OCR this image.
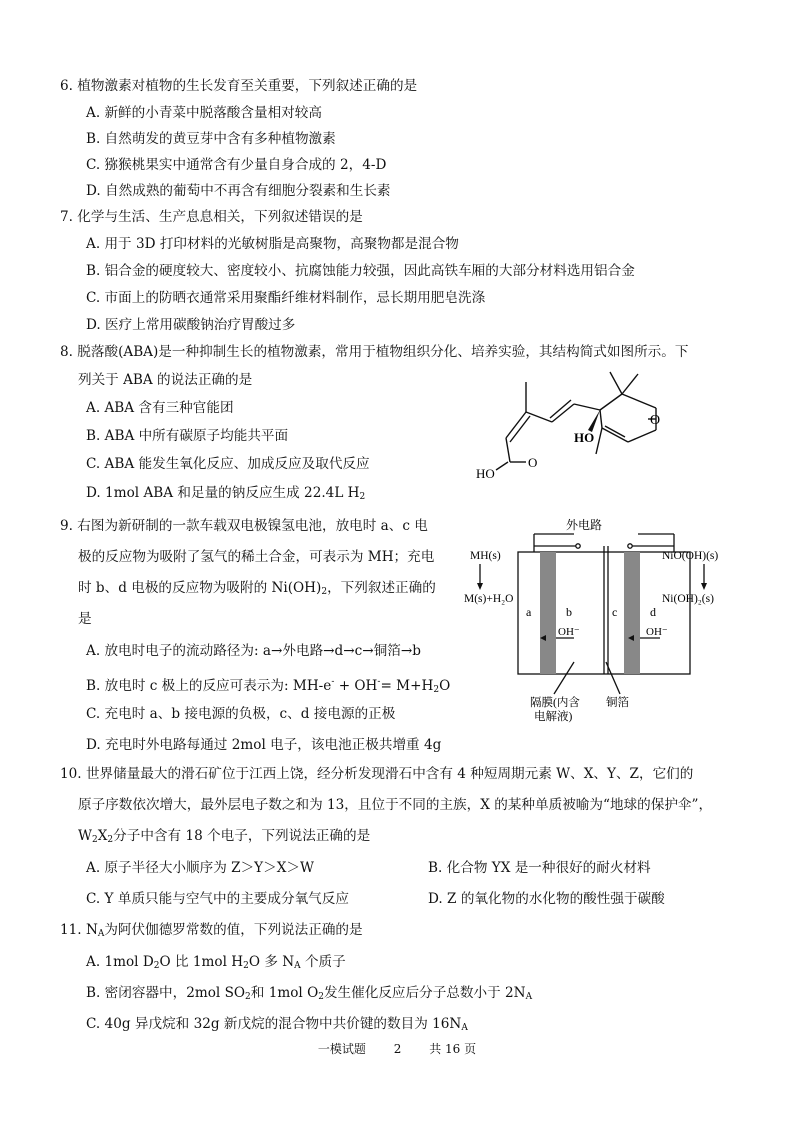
6. 植物激素对植物的生长发育至关重要，下列叙述正确的是
A. 新鲜的小青菜中脱落酸含量相对较高
B. 自然萌发的黄豆芽中含有多种植物激素
C. 猕猴桃果实中通常含有少量自身合成的 2，4-D
D. 自然成熟的葡萄中不再含有细胞分裂素和生长素
7. 化学与生活、生产息息相关，下列叙述错误的是
A. 用于 3D 打印材料的光敏树脂是高聚物，高聚物都是混合物
B. 铝合金的硬度较大、密度较小、抗腐蚀能力较强，因此高铁车厢的大部分材料选用铝合金
C. 市面上的防晒衣通常采用聚酯纤维材料制作，忌长期用肥皂洗涤
D. 医疗上常用碳酸钠治疗胃酸过多
8. 脱落酸(ABA)是一种抑制生长的植物激素，常用于植物组织分化、培养实验，其结构简式如图所示。下
列关于 ABA 的说法正确的是
A. ABA 含有三种官能团
B. ABA 中所有碳原子均能共平面
C. ABA 能发生氧化反应、加成反应及取代反应
D. 1mol ABA 和足量的钠反应生成 22.4L $H_2$
O
HO
O
HO
9. 右图为新研制的一款车载双电极镍氢电池，放电时 a、c 电
极的反应物为吸附了氢气的稀土合金，可表示为 MH；充电
时 b、d 电极的反应物为吸附的 $Ni(OH)_2$，下列叙述正确的
是
A. 放电时电子的流动路径为: a→外电路→d→c→铜箔→b
B. 放电时 c 极上的反应可表示为: $MH-e^- + OH^-= M+H_2O$
C. 充电时 a、b 接电源的负极，c、d 接电源的正极
D. 充电时外电路每通过 2mol 电子，该电池正极共增重 4g
外电路
MH(s)
M(s)+H₂O
NiO(OH)(s)
Ni(OH)₂(s)
a	b	c	d
OH⁻	OH⁻
隔膜(内含
电解液)
铜箔
10. 世界储量最大的滑石矿位于江西上饶，经分析发现滑石中含有 4 种短周期元素 W、X、Y、Z，它们的
原子序数依次增大，最外层电子数之和为 13，且位于不同的主族，X 的某种单质被喻为“地球的保护伞”，
$W_2X_2$分子中含有 18 个电子，下列说法正确的是
A. 原子半径大小顺序为 Z＞Y＞X＞W	B. 化合物 YX 是一种很好的耐火材料
C. Y 单质只能与空气中的主要成分氧气反应	D. Z 的氧化物的水化物的酸性强于碳酸
11. $N_A$为阿伏伽德罗常数的值，下列说法正确的是
A. 1mol $D_2O$ 比 1mol $H_2O$ 多 $N_A$ 个质子
B. 密闭容器中，2mol $SO_2$和 1mol $O_2$发生催化反应后分子总数小于 $2N_A$
C. 40g 异戊烷和 32g 新戊烷的混合物中共价键的数目为 $16N_A$
一模试题 2 共 16 页
